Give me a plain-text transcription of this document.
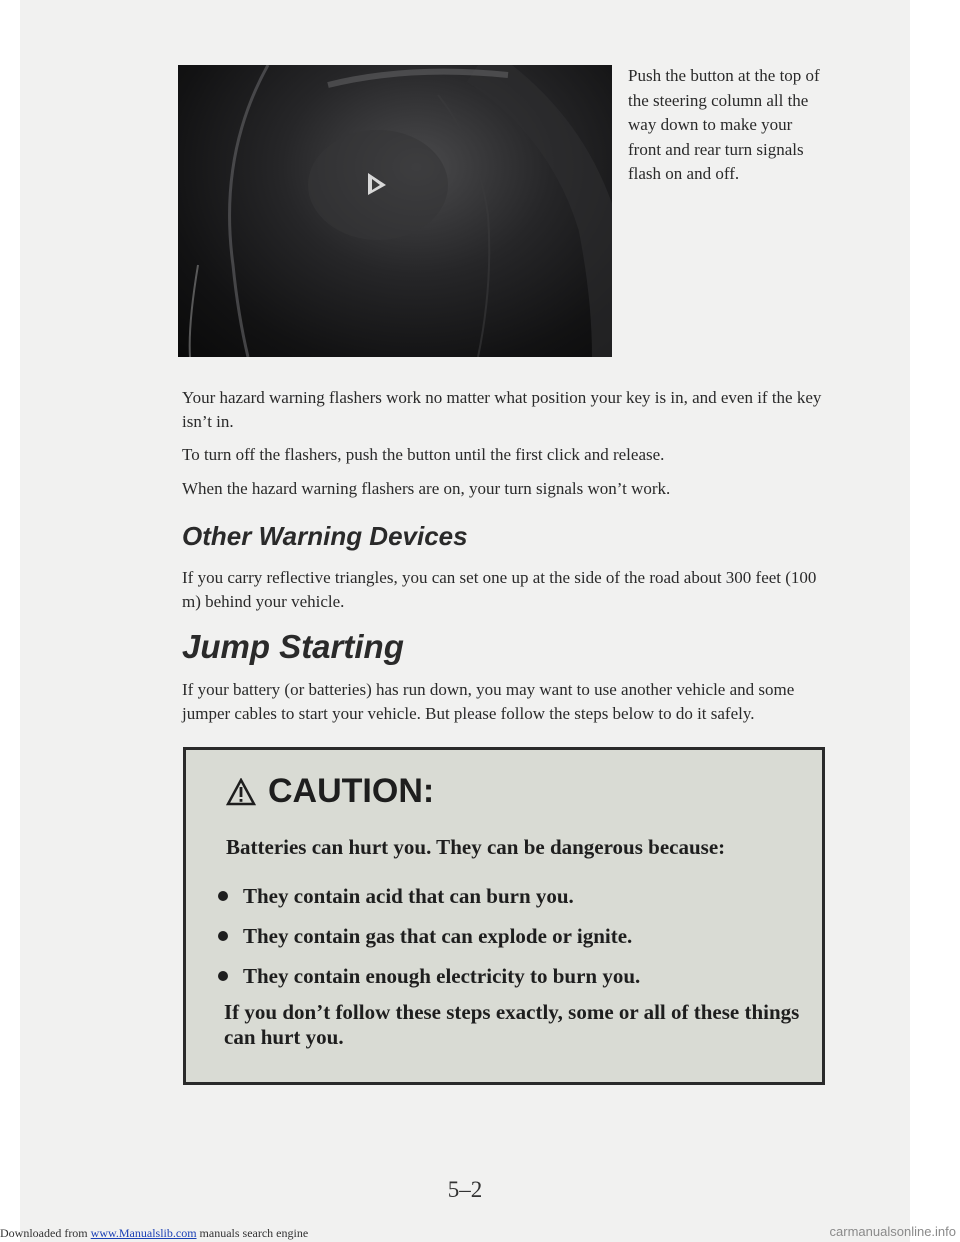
Push the button at the top of the steering column all the way down to make your front and rear turn signals flash on and off.

Your hazard warning flashers work no matter what position your key is in, and even if the key isn’t in.

To turn off the flashers, push the button until the first click and release.

When the hazard warning flashers are on, your turn signals won’t work.

Other Warning Devices

If you carry reflective triangles, you can set one up at the side of the road about 300 feet (100 m) behind your vehicle.

Jump Starting

If your battery (or batteries) has run down, you may want to use another vehicle and some jumper cables to start your vehicle. But please follow the steps below to do it safely.

CAUTION:

Batteries can hurt you. They can be dangerous because:

They contain acid that can burn you.
They contain gas that can explode or ignite.
They contain enough electricity to burn you.

If you don’t follow these steps exactly, some or all of these things can hurt you.

5–2
Downloaded from www.Manualslib.com manuals search engine	carmanualsonline.info
